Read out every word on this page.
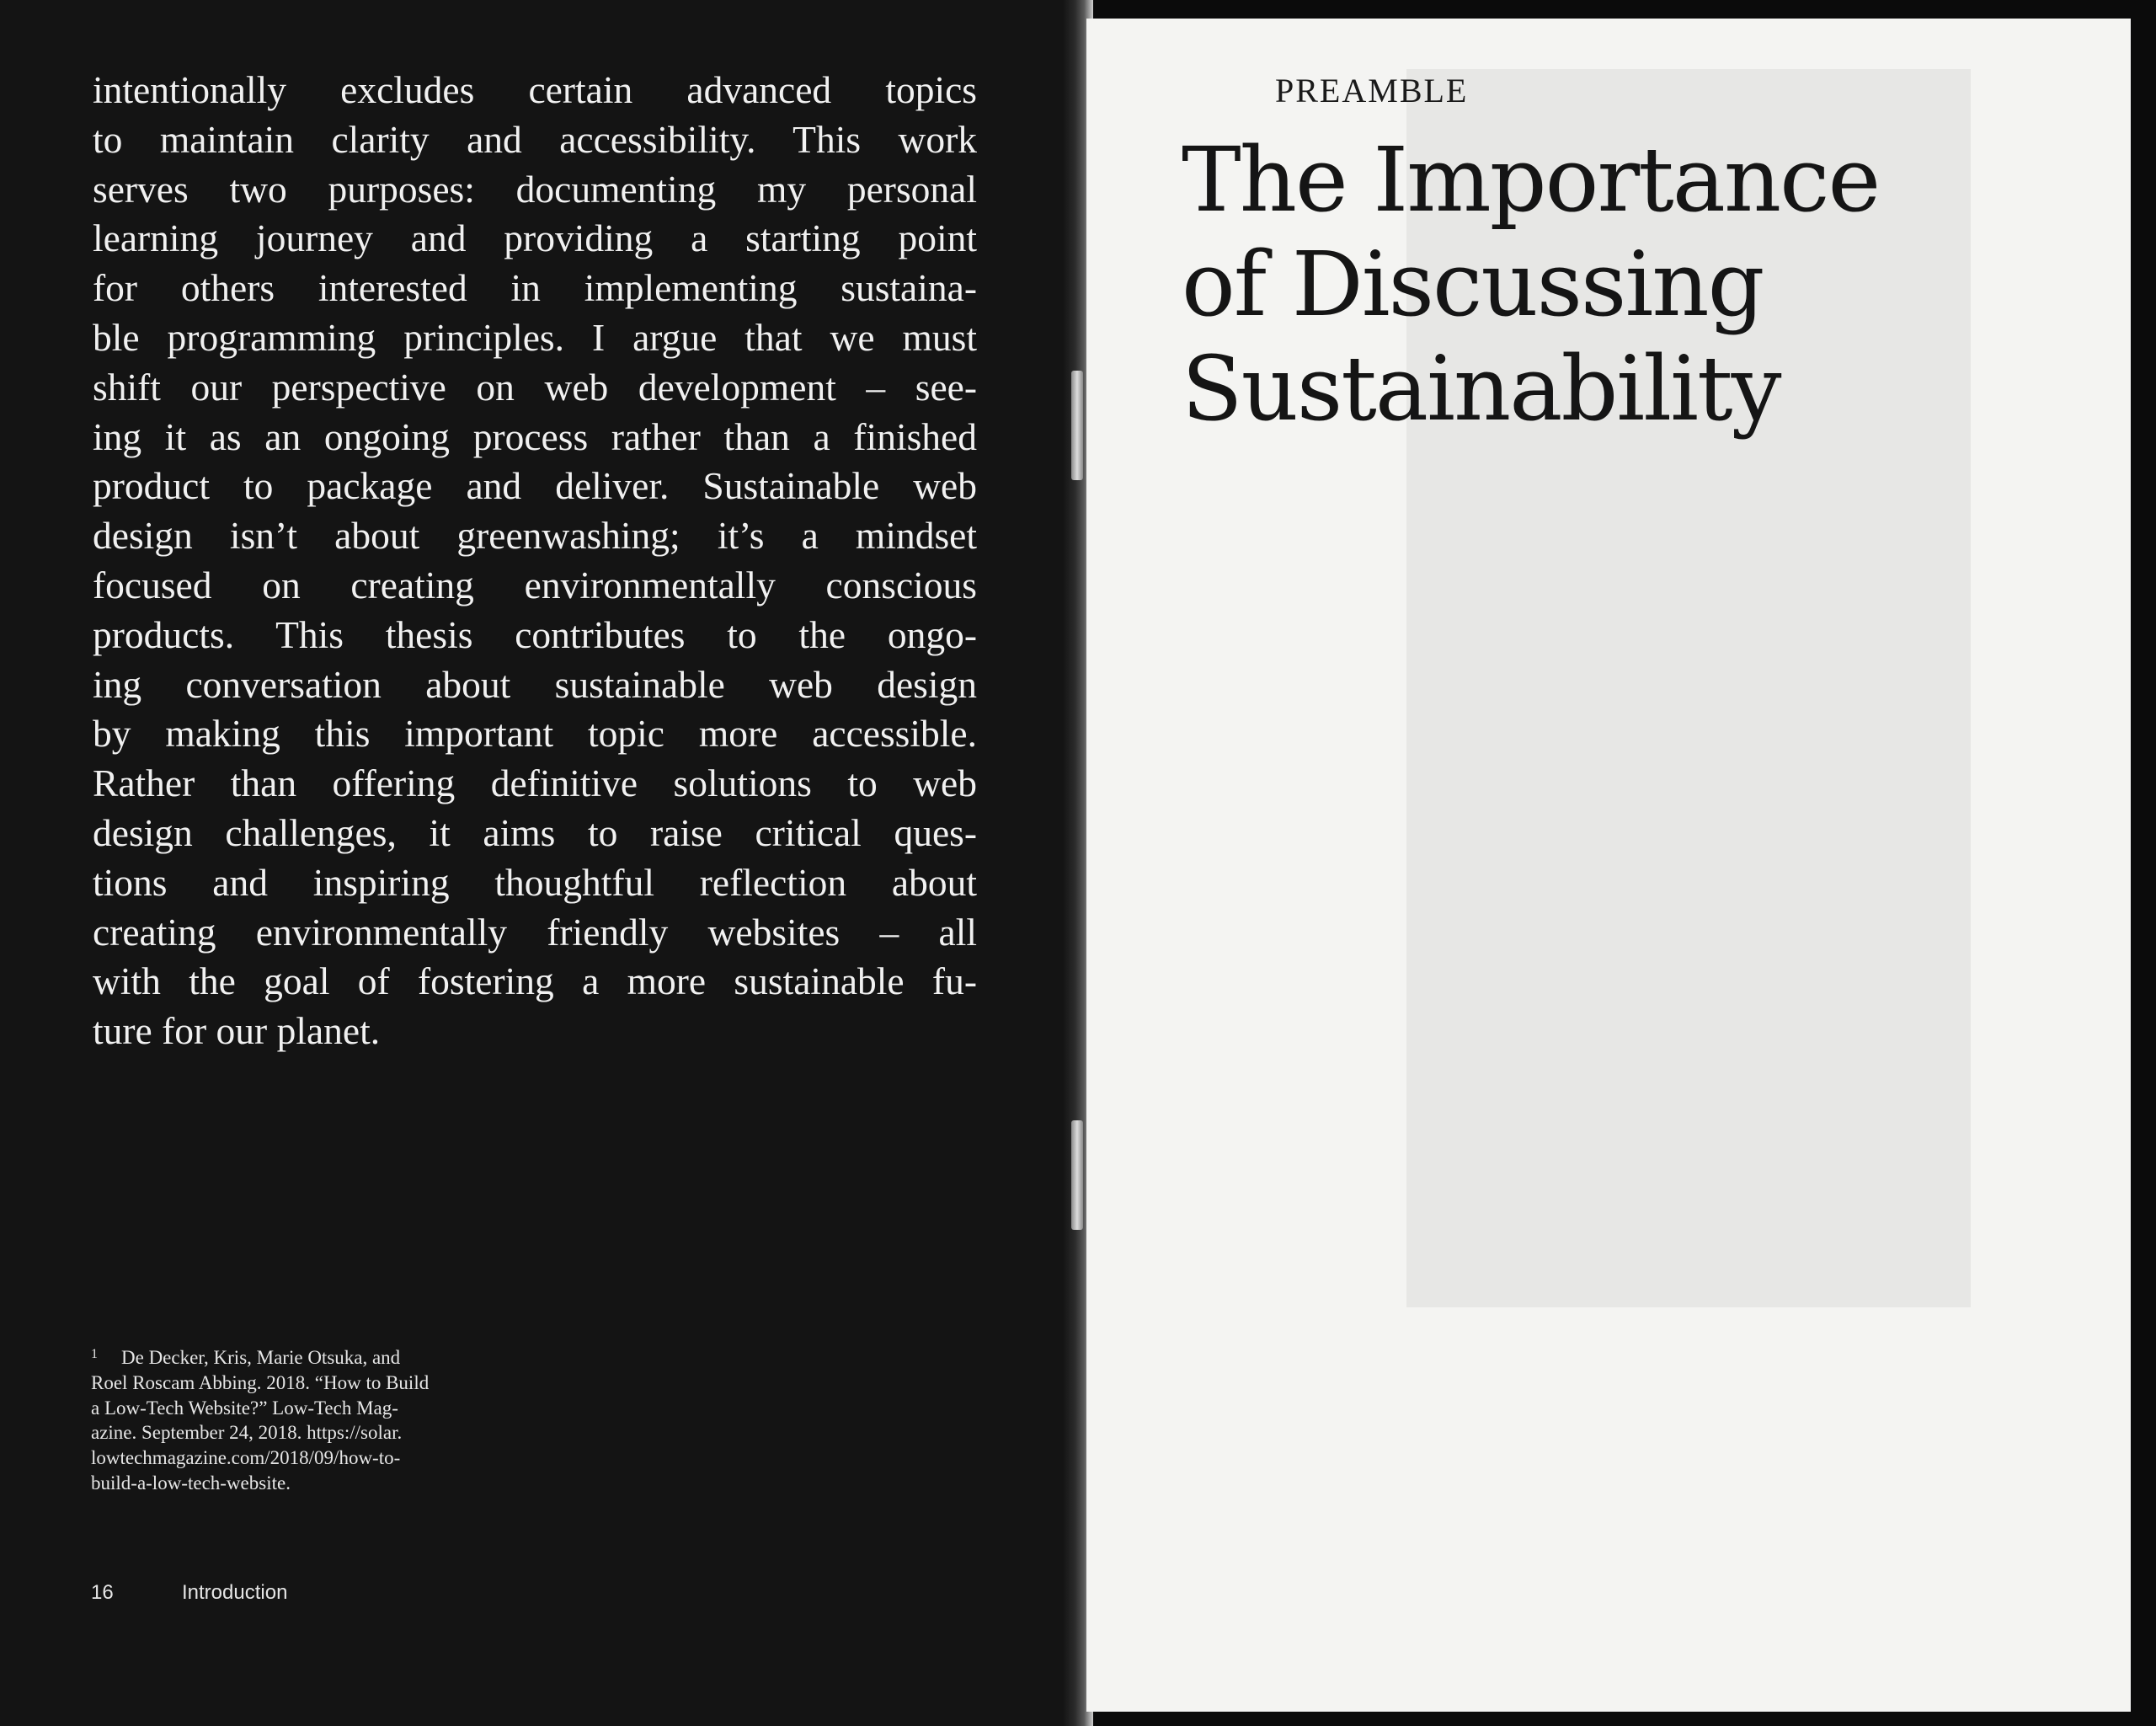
intentionally excludes certain advanced topics
to maintain clarity and accessibility. This work
serves two purposes: documenting my personal
learning journey and providing a starting point
for others interested in implementing sustaina-
ble programming principles. I argue that we must
shift our perspective on web development – see-
ing it as an ongoing process rather than a finished
product to package and deliver. Sustainable web
design isn’t about greenwashing; it’s a mindset
focused on creating environmentally conscious
products. This thesis contributes to the ongo-
ing conversation about sustainable web design
by making this important topic more accessible.
Rather than offering definitive solutions to web
design challenges, it aims to raise critical ques-
tions and inspiring thoughtful reflection about
creating environmentally friendly websites – all
with the goal of fostering a more sustainable fu-
ture for our planet.
$^1$ De Decker, Kris, Marie Otsuka, and
Roel Roscam Abbing. 2018. “How to Build
a Low-Tech Website?” Low-Tech Mag-
azine. September 24, 2018. https://solar.
lowtechmagazine.com/2018/09/how-to-
build-a-low-tech-website.
16	Introduction
PREAMBLE
The Importance
of Discussing
Sustainability
